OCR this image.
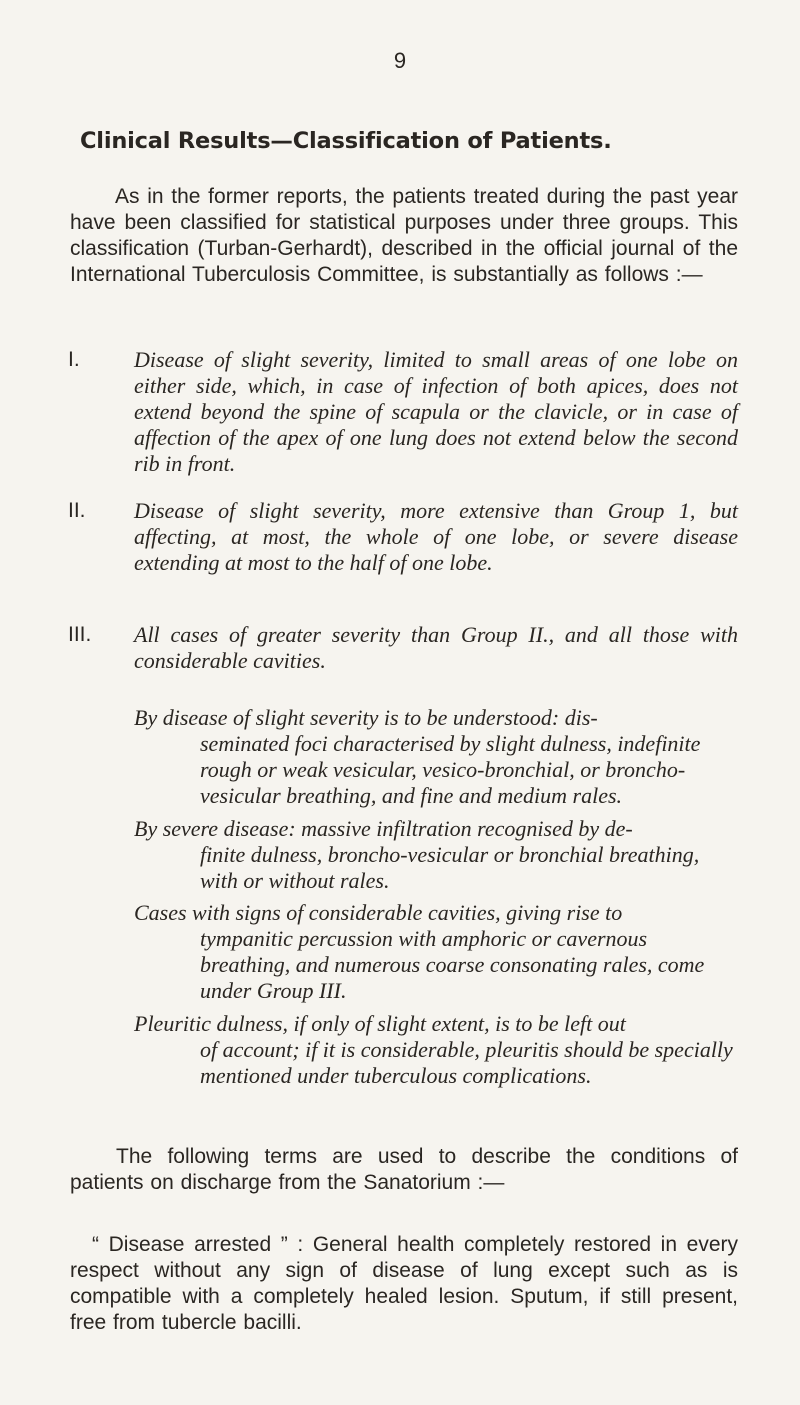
9
Clinical Results—Classification of Patients.
As in the former reports, the patients treated during the past year have been classified for statistical purposes under three groups. This classification (Turban-Gerhardt), described in the official journal of the International Tuberculosis Committee, is substantially as follows :—
I. Disease of slight severity, limited to small areas of one lobe on either side, which, in case of infection of both apices, does not extend beyond the spine of scapula or the clavicle, or in case of affection of the apex of one lung does not extend below the second rib in front.
II. Disease of slight severity, more extensive than Group 1, but affecting, at most, the whole of one lobe, or severe disease extending at most to the half of one lobe.
III. All cases of greater severity than Group II., and all those with considerable cavities.
By disease of slight severity is to be understood: dis-
seminated foci characterised by slight dulness, indefinite rough or weak vesicular, vesico-bronchial, or broncho-vesicular breathing, and fine and medium rales.
By severe disease: massive infiltration recognised by de-
finite dulness, broncho-vesicular or bronchial breathing, with or without rales.
Cases with signs of considerable cavities, giving rise to
tympanitic percussion with amphoric or cavernous breathing, and numerous coarse consonating rales, come under Group III.
Pleuritic dulness, if only of slight extent, is to be left out
of account; if it is considerable, pleuritis should be specially mentioned under tuberculous complications.
The following terms are used to describe the conditions of patients on discharge from the Sanatorium :—
“ Disease arrested ” : General health completely restored in every respect without any sign of disease of lung except such as is compatible with a completely healed lesion. Sputum, if still present, free from tubercle bacilli.
